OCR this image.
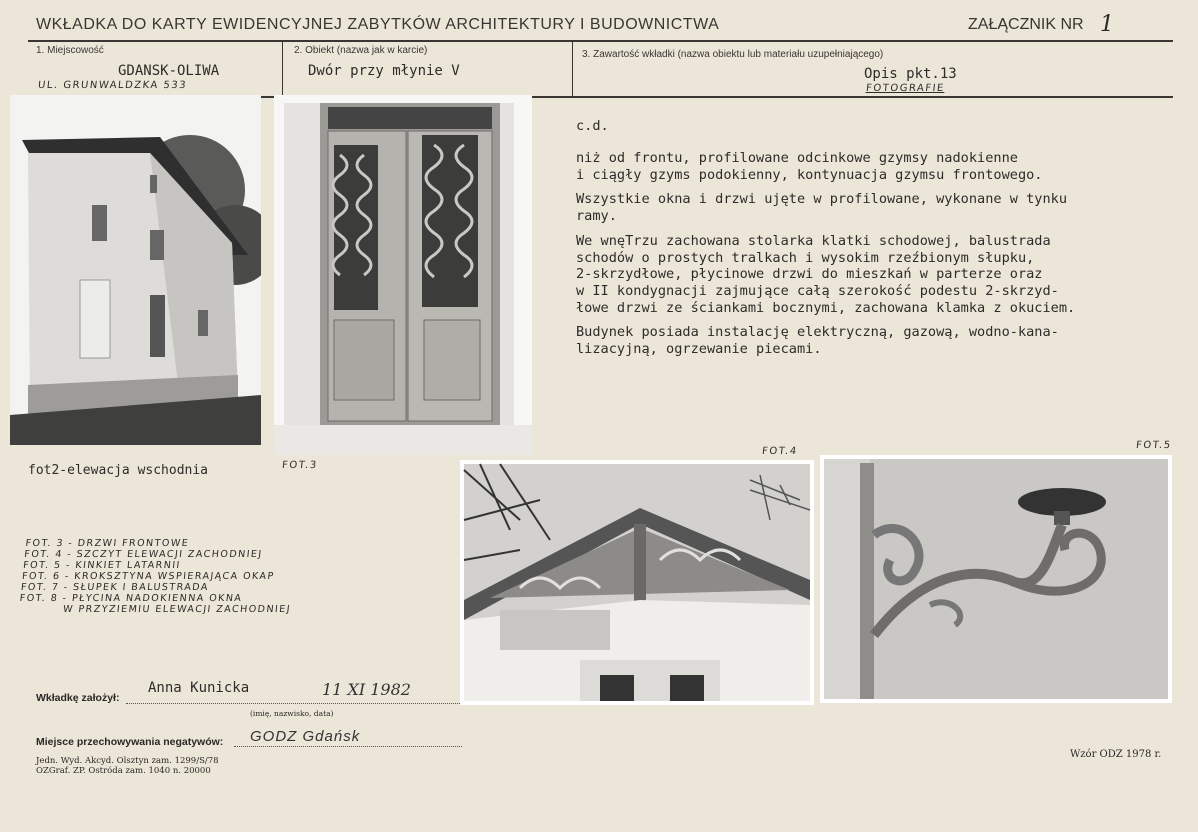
WKŁADKA DO KARTY EWIDENCYJNEJ ZABYTKÓW ARCHITEKTURY I BUDOWNICTWA	ZAŁĄCZNIK NR 1
1. Miejscowość
GDANSK-OLIWA
UL. GRUNWALDZKA 533
2. Obiekt (nazwa jak w karcie)
Dwór przy młynie V
3. Zawartość wkładki (nazwa obiektu lub materiału uzupełniającego)
Opis pkt.13
FOTOGRAFIE
fot2-elewacja wschodnia	FOT.3
c.d.
niż od frontu, profilowane odcinkowe gzymsy nadokienne
i ciągły gzyms podokienny, kontynuacja gzymsu frontowego.
Wszystkie okna i drzwi ujęte w profilowane, wykonane w tynku
ramy.
We wnęTrzu zachowana stolarka klatki schodowej, balustrada
schodów o prostych tralkach i wysokim rzeźbionym słupku,
2-skrzydłowe, płycinowe drzwi do mieszkań w parterze oraz
w II kondygnacji zajmujące całą szerokość podestu 2-skrzyd-
łowe drzwi ze ściankami bocznymi, zachowana klamka z okuciem.
Budynek posiada instalację elektryczną, gazową, wodno-kana-
lizacyjną, ogrzewanie piecami.
FOT.4
FOT.5
FOT. 3 - DRZWI FRONTOWE
FOT. 4 - SZCZYT ELEWACJI ZACHODNIEJ
FOT. 5 - KINKIET LATARNII
FOT. 6 - KROKSZTYNA WSPIERAJĄCA OKAP
FOT. 7 - SŁUPEK I BALUSTRADA
FOT. 8 - PŁYCINA NADOKIENNA OKNA
W PRZYZIEMIU ELEWACJI ZACHODNIEJ
Wkładkę założył:
Anna Kunicka	11 XI 1982
(imię, nazwisko, data)
Miejsce przechowywania negatywów: GODZ Gdańsk
Jedn. Wyd. Akcyd. Olsztyn zam. 1299/S/78
OZGraf. ZP. Ostróda zam. 1040 n. 20000
Wzór ODZ 1978 r.
